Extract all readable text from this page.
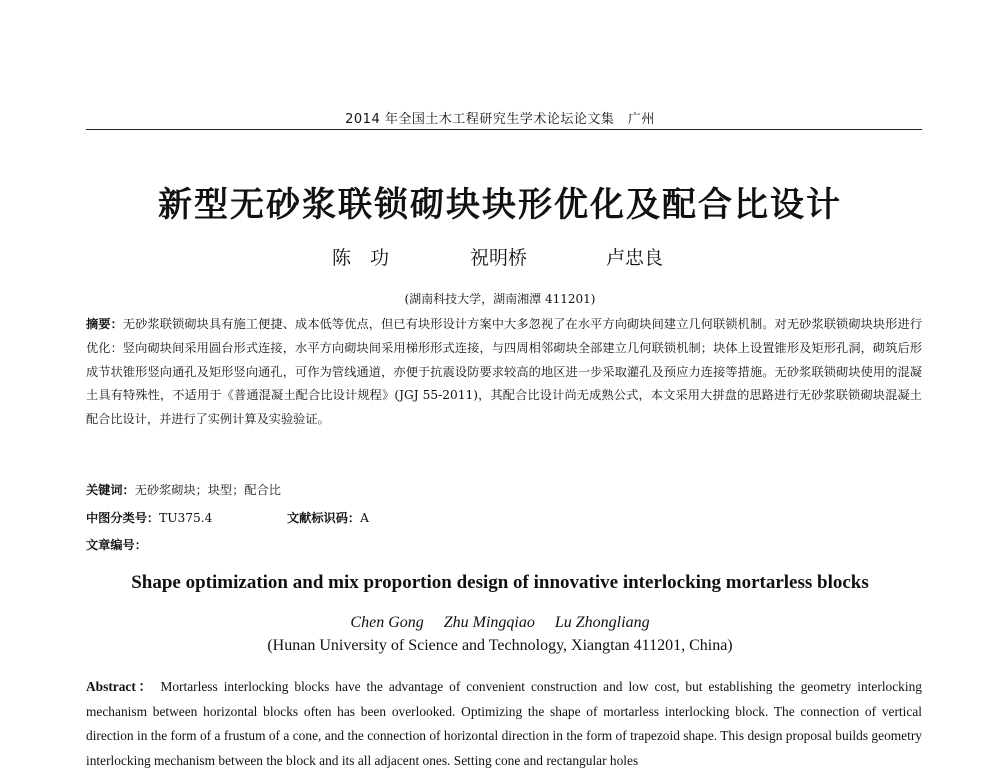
2014 年全国土木工程研究生学术论坛论文集　广州
新型无砂浆联锁砌块块形优化及配合比设计
陈　功	祝明桥	卢忠良
(湖南科技大学，湖南湘潭 411201)
摘要：无砂浆联锁砌块具有施工便捷、成本低等优点，但已有块形设计方案中大多忽视了在水平方向砌块间建立几何联锁机制。对无砂浆联锁砌块块形进行优化：竖向砌块间采用圆台形式连接，水平方向砌块间采用梯形形式连接，与四周相邻砌块全部建立几何联锁机制；块体上设置锥形及矩形孔洞，砌筑后形成节状锥形竖向通孔及矩形竖向通孔，可作为管线通道，亦便于抗震设防要求较高的地区进一步采取灌孔及预应力连接等措施。无砂浆联锁砌块使用的混凝土具有特殊性，不适用于《普通混凝土配合比设计规程》(JGJ 55-2011)，其配合比设计尚无成熟公式，本文采用大拼盘的思路进行无砂浆联锁砌块混凝土配合比设计，并进行了实例计算及实验验证。
关键词：无砂浆砌块；块型；配合比
中图分类号：TU375.4	文献标识码：A
文章编号：
Shape optimization and mix proportion design of innovative interlocking mortarless blocks
Chen Gong Zhu Mingqiao Lu Zhongliang
(Hunan University of Science and Technology, Xiangtan 411201, China)
Abstract： Mortarless interlocking blocks have the advantage of convenient construction and low cost, but establishing the geometry interlocking mechanism between horizontal blocks often has been overlooked. Optimizing the shape of mortarless interlocking block. The connection of vertical direction in the form of a frustum of a cone, and the connection of horizontal direction in the form of trapezoid shape. This design proposal builds geometry interlocking mechanism between the block and its all adjacent ones. Setting cone and rectangular holes
